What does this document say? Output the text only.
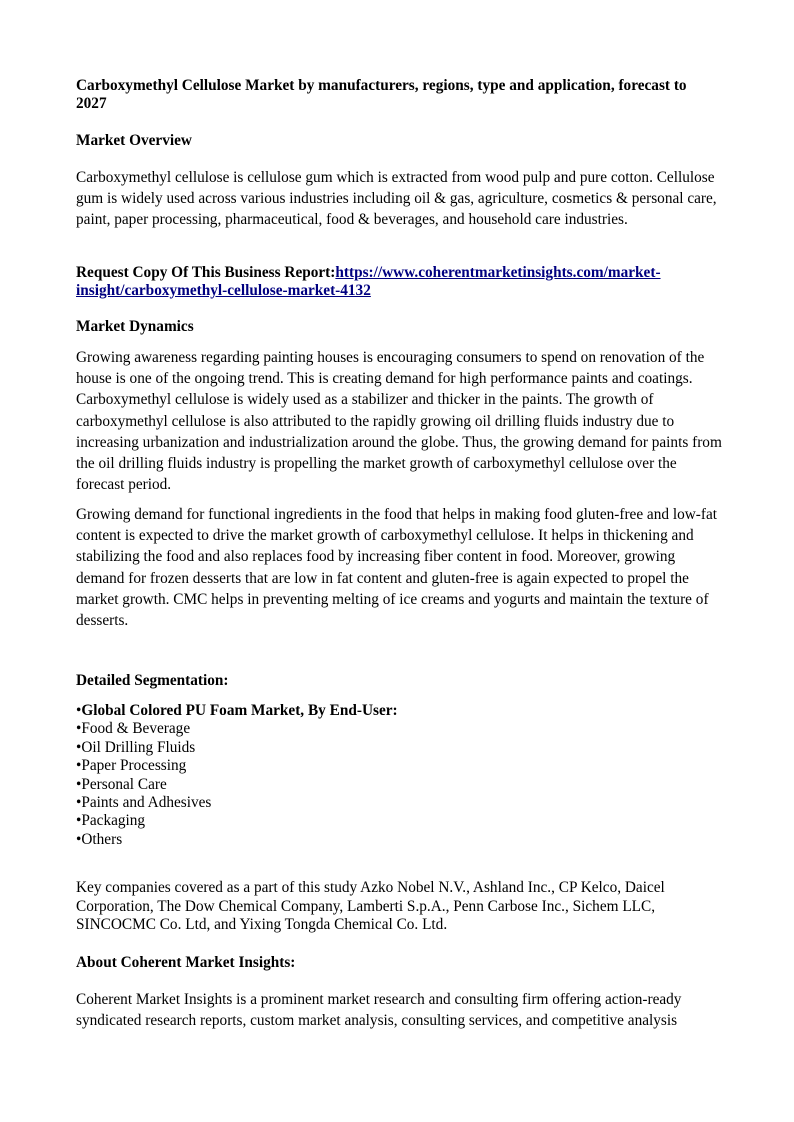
Carboxymethyl Cellulose Market by manufacturers, regions, type and application, forecast to 2027
Market Overview

Carboxymethyl cellulose is cellulose gum which is extracted from wood pulp and pure cotton. Cellulose gum is widely used across various industries including oil & gas, agriculture, cosmetics & personal care, paint, paper processing, pharmaceutical, food & beverages, and household care industries.

Request Copy Of This Business Report:https://www.coherentmarketinsights.com/market-insight/carboxymethyl-cellulose-market-4132

Market Dynamics

Growing awareness regarding painting houses is encouraging consumers to spend on renovation of the house is one of the ongoing trend. This is creating demand for high performance paints and coatings. Carboxymethyl cellulose is widely used as a stabilizer and thicker in the paints. The growth of carboxymethyl cellulose is also attributed to the rapidly growing oil drilling fluids industry due to increasing urbanization and industrialization around the globe. Thus, the growing demand for paints from the oil drilling fluids industry is propelling the market growth of carboxymethyl cellulose over the forecast period.

Growing demand for functional ingredients in the food that helps in making food gluten-free and low-fat content is expected to drive the market growth of carboxymethyl cellulose. It helps in thickening and stabilizing the food and also replaces food by increasing fiber content in food. Moreover, growing demand for frozen desserts that are low in fat content and gluten-free is again expected to propel the market growth. CMC helps in preventing melting of ice creams and yogurts and maintain the texture of desserts.

Detailed Segmentation:
•Global Colored PU Foam Market, By End-User:
•Food & Beverage
•Oil Drilling Fluids
•Paper Processing
•Personal Care
•Paints and Adhesives
•Packaging
•Others

Key companies covered as a part of this study Azko Nobel N.V., Ashland Inc., CP Kelco, Daicel Corporation, The Dow Chemical Company, Lamberti S.p.A., Penn Carbose Inc., Sichem LLC, SINCOCMC Co. Ltd, and Yixing Tongda Chemical Co. Ltd.

About Coherent Market Insights:

Coherent Market Insights is a prominent market research and consulting firm offering action-ready syndicated research reports, custom market analysis, consulting services, and competitive analysis
